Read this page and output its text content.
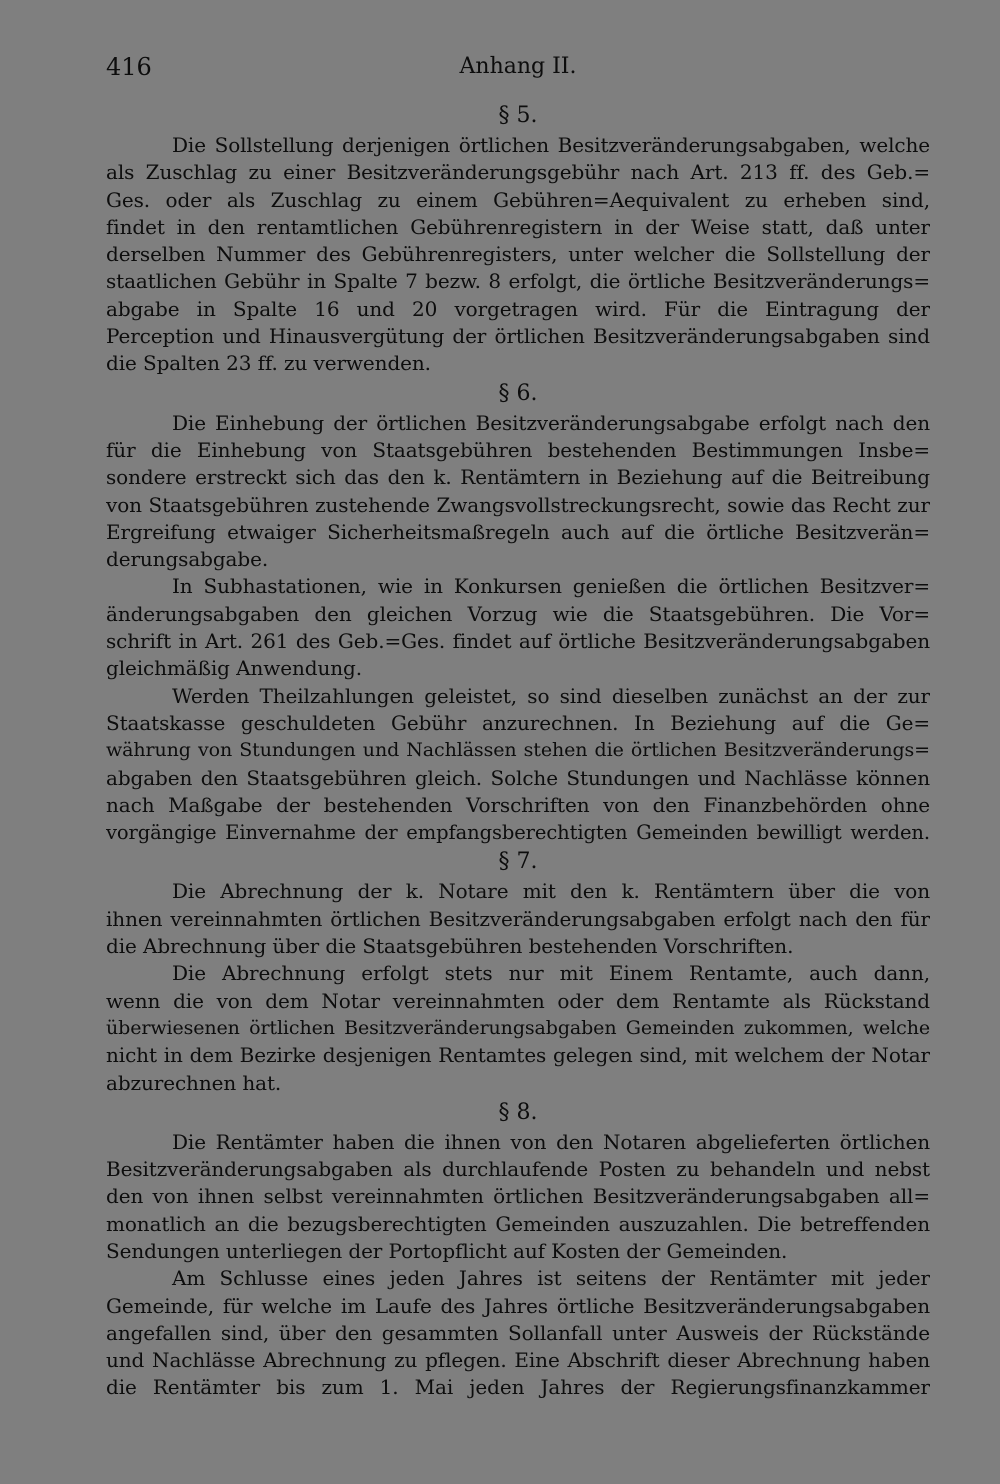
416	Anhang II.
§ 5.
Die Sollstellung derjenigen örtlichen Besitzveränderungsabgaben, welche
als Zuschlag zu einer Besitzveränderungsgebühr nach Art. 213 ff. des Geb.=
Ges. oder als Zuschlag zu einem Gebühren=Aequivalent zu erheben sind,
findet in den rentamtlichen Gebührenregistern in der Weise statt, daß unter
derselben Nummer des Gebührenregisters, unter welcher die Sollstellung der
staatlichen Gebühr in Spalte 7 bezw. 8 erfolgt, die örtliche Besitzveränderungs=
abgabe in Spalte 16 und 20 vorgetragen wird. Für die Eintragung der
Perception und Hinausvergütung der örtlichen Besitzveränderungsabgaben sind
die Spalten 23 ff. zu verwenden.
§ 6.
Die Einhebung der örtlichen Besitzveränderungsabgabe erfolgt nach den
für die Einhebung von Staatsgebühren bestehenden Bestimmungen Insbe=
sondere erstreckt sich das den k. Rentämtern in Beziehung auf die Beitreibung
von Staatsgebühren zustehende Zwangsvollstreckungsrecht, sowie das Recht zur
Ergreifung etwaiger Sicherheitsmaßregeln auch auf die örtliche Besitzverän=
derungsabgabe.
In Subhastationen, wie in Konkursen genießen die örtlichen Besitzver=
änderungsabgaben den gleichen Vorzug wie die Staatsgebühren. Die Vor=
schrift in Art. 261 des Geb.=Ges. findet auf örtliche Besitzveränderungsabgaben
gleichmäßig Anwendung.
Werden Theilzahlungen geleistet, so sind dieselben zunächst an der zur
Staatskasse geschuldeten Gebühr anzurechnen. In Beziehung auf die Ge=
währung von Stundungen und Nachlässen stehen die örtlichen Besitzveränderungs=
abgaben den Staatsgebühren gleich. Solche Stundungen und Nachlässe können
nach Maßgabe der bestehenden Vorschriften von den Finanzbehörden ohne
vorgängige Einvernahme der empfangsberechtigten Gemeinden bewilligt werden.
§ 7.
Die Abrechnung der k. Notare mit den k. Rentämtern über die von
ihnen vereinnahmten örtlichen Besitzveränderungsabgaben erfolgt nach den für
die Abrechnung über die Staatsgebühren bestehenden Vorschriften.
Die Abrechnung erfolgt stets nur mit Einem Rentamte, auch dann,
wenn die von dem Notar vereinnahmten oder dem Rentamte als Rückstand
überwiesenen örtlichen Besitzveränderungsabgaben Gemeinden zukommen, welche
nicht in dem Bezirke desjenigen Rentamtes gelegen sind, mit welchem der Notar
abzurechnen hat.
§ 8.
Die Rentämter haben die ihnen von den Notaren abgelieferten örtlichen
Besitzveränderungsabgaben als durchlaufende Posten zu behandeln und nebst
den von ihnen selbst vereinnahmten örtlichen Besitzveränderungsabgaben all=
monatlich an die bezugsberechtigten Gemeinden auszuzahlen. Die betreffenden
Sendungen unterliegen der Portopflicht auf Kosten der Gemeinden.
Am Schlusse eines jeden Jahres ist seitens der Rentämter mit jeder
Gemeinde, für welche im Laufe des Jahres örtliche Besitzveränderungsabgaben
angefallen sind, über den gesammten Sollanfall unter Ausweis der Rückstände
und Nachlässe Abrechnung zu pflegen. Eine Abschrift dieser Abrechnung haben
die Rentämter bis zum 1. Mai jeden Jahres der Regierungsfinanzkammer
